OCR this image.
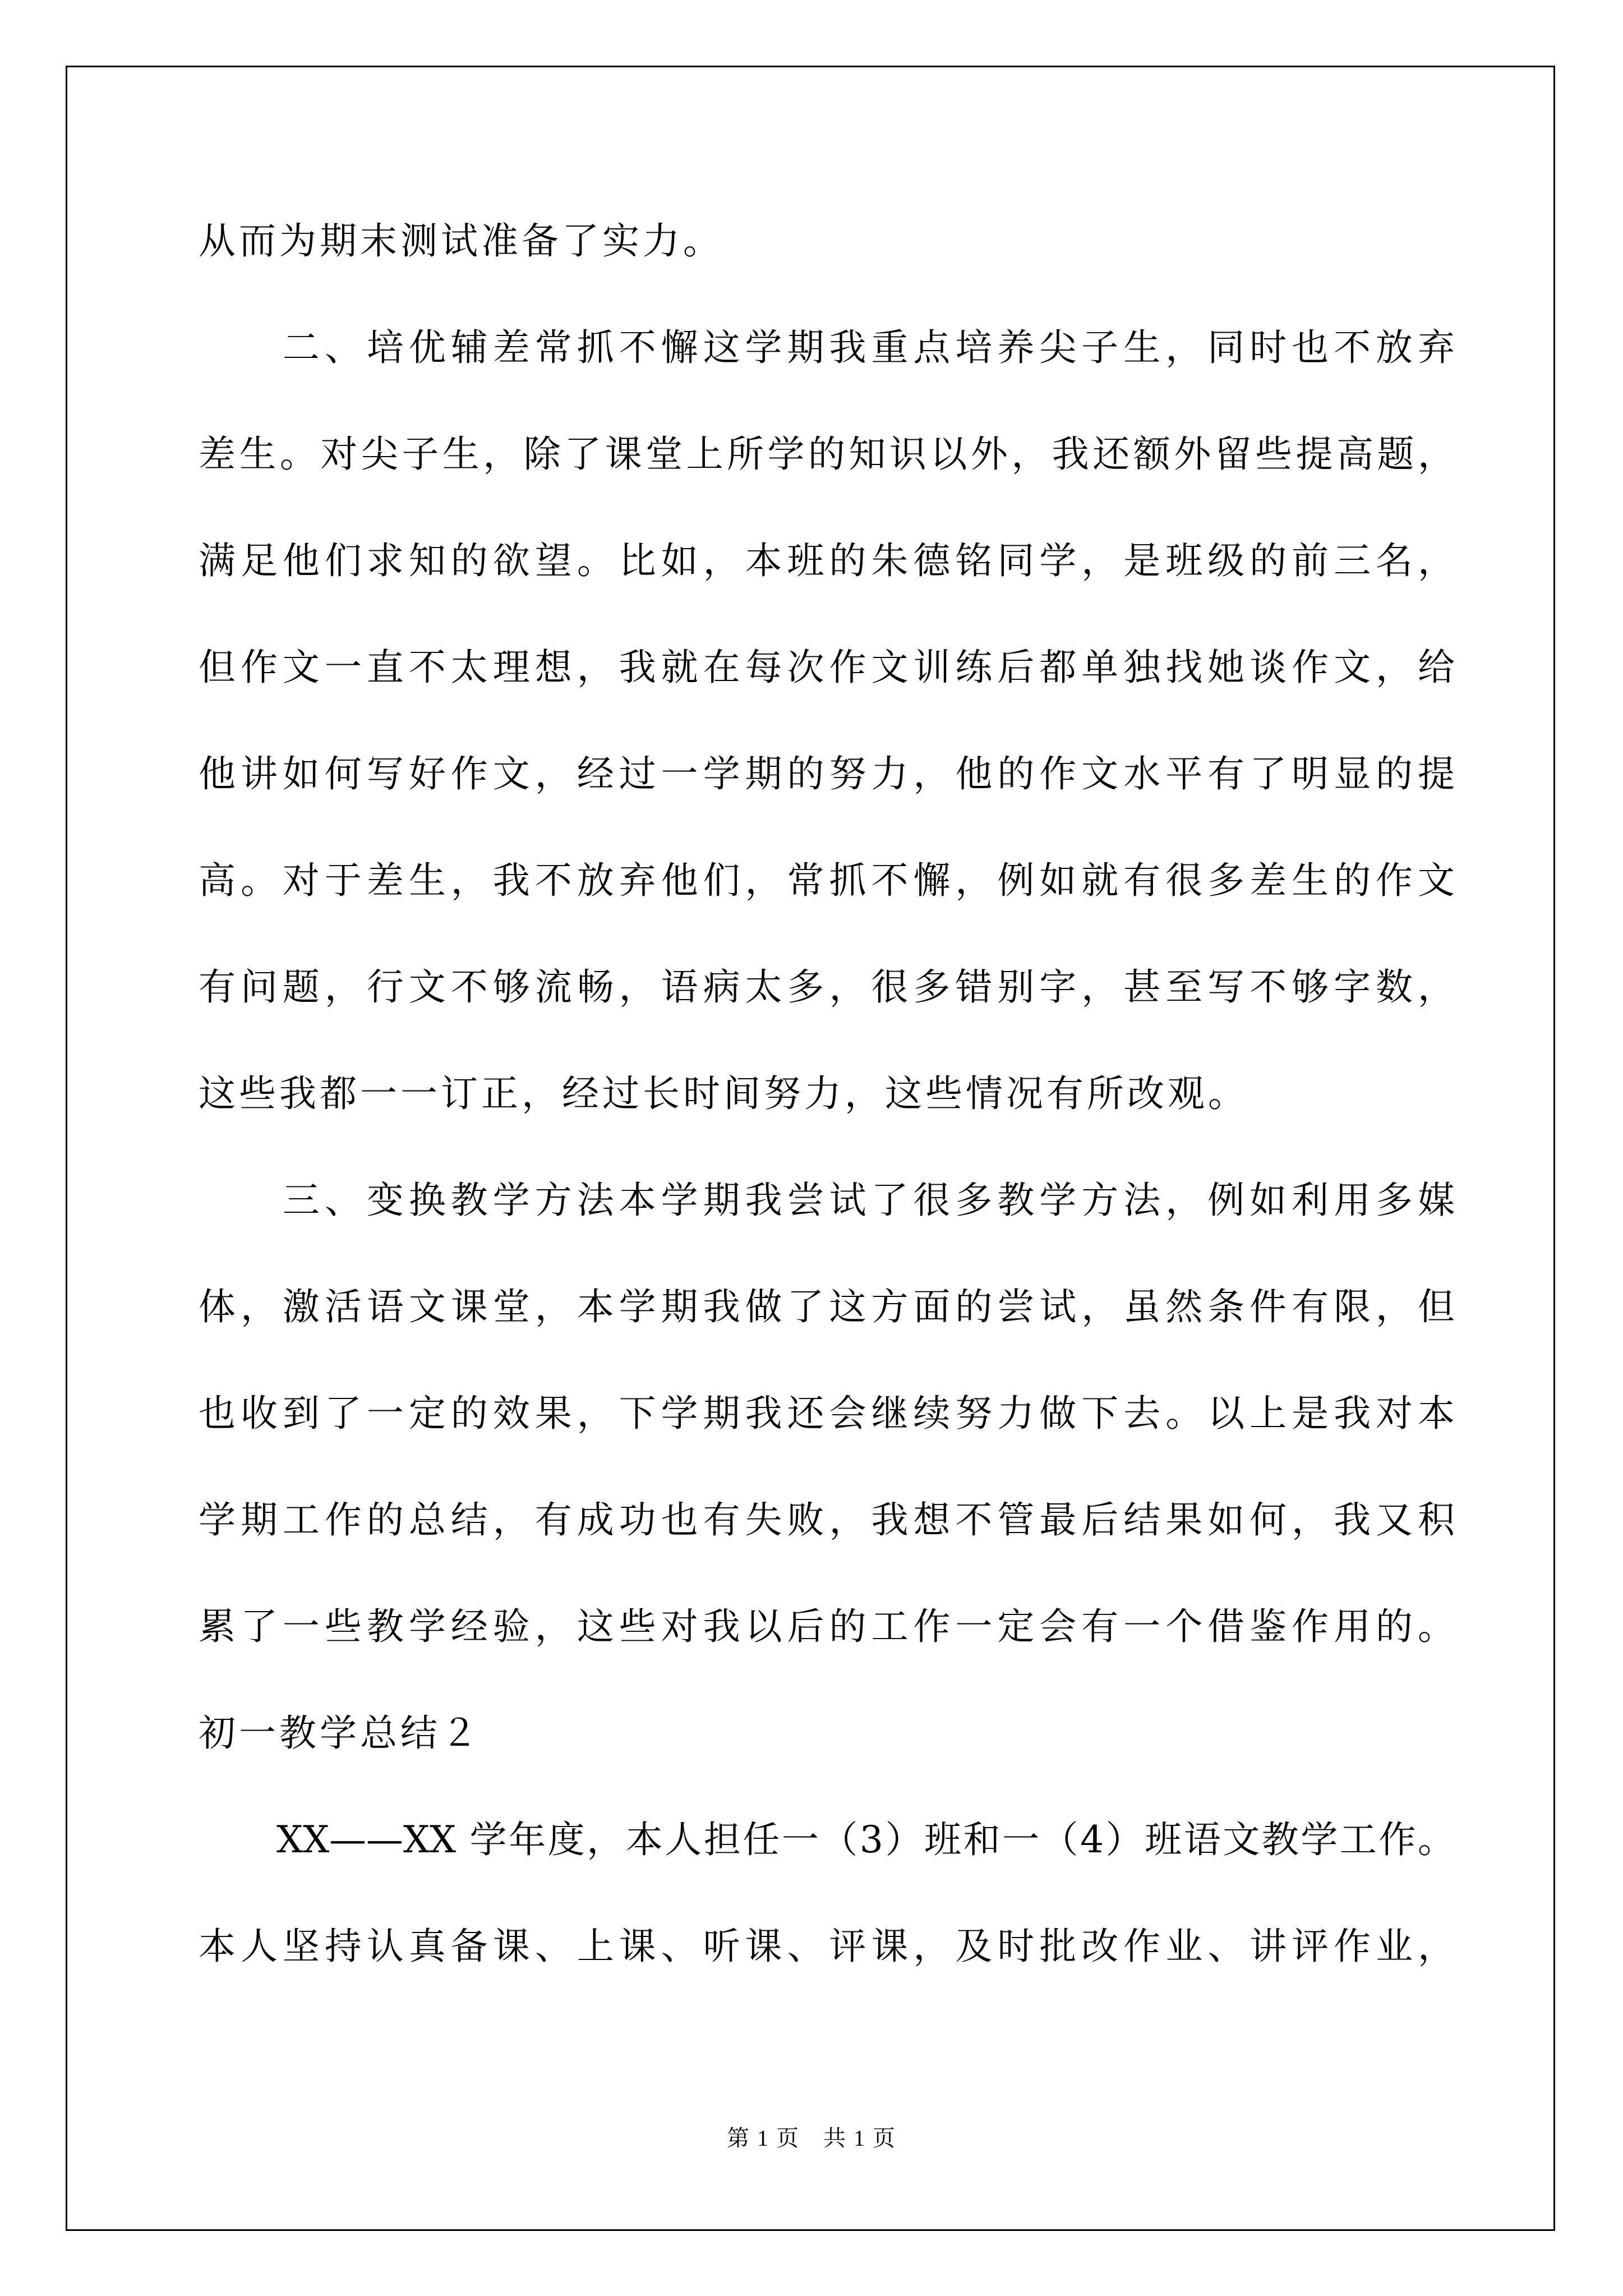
从而为期末测试准备了实力。
　　二、培优辅差常抓不懈这学期我重点培养尖子生，同时也不放弃
差生。对尖子生，除了课堂上所学的知识以外，我还额外留些提高题，
满足他们求知的欲望。比如，本班的朱德铭同学，是班级的前三名，
但作文一直不太理想，我就在每次作文训练后都单独找她谈作文，给
他讲如何写好作文，经过一学期的努力，他的作文水平有了明显的提
高。对于差生，我不放弃他们，常抓不懈，例如就有很多差生的作文
有问题，行文不够流畅，语病太多，很多错别字，甚至写不够字数，
这些我都一一订正，经过长时间努力，这些情况有所改观。
　　三、变换教学方法本学期我尝试了很多教学方法，例如利用多媒
体，激活语文课堂，本学期我做了这方面的尝试，虽然条件有限，但
也收到了一定的效果，下学期我还会继续努力做下去。以上是我对本
学期工作的总结，有成功也有失败，我想不管最后结果如何，我又积
累了一些教学经验，这些对我以后的工作一定会有一个借鉴作用的。
初一教学总结２
　　XX——XX 学年度，本人担任一（3）班和一（4）班语文教学工作。
本人坚持认真备课、上课、听课、评课，及时批改作业、讲评作业，
第 1 页　共 1 页
